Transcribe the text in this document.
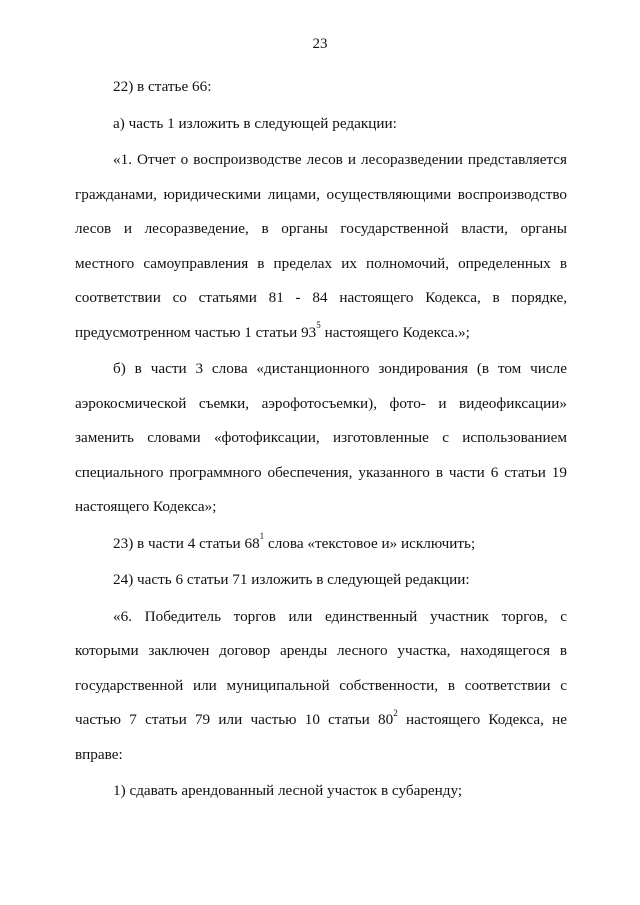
23

22) в статье 66:

а) часть 1 изложить в следующей редакции:

«1. Отчет о воспроизводстве лесов и лесоразведении представляется гражданами, юридическими лицами, осуществляющими воспроизводство лесов и лесоразведение, в органы государственной власти, органы местного самоуправления в пределах их полномочий, определенных в соответствии со статьями 81 - 84 настоящего Кодекса, в порядке, предусмотренном частью 1 статьи $93^5$ настоящего Кодекса.»;

б) в части 3 слова «дистанционного зондирования (в том числе аэрокосмической съемки, аэрофотосъемки), фото- и видеофиксации» заменить словами «фотофиксации, изготовленные с использованием специального программного обеспечения, указанного в части 6 статьи 19 настоящего Кодекса»;

23) в части 4 статьи $68^1$ слова «текстовое и» исключить;

24) часть 6 статьи 71 изложить в следующей редакции:

«6. Победитель торгов или единственный участник торгов, с которыми заключен договор аренды лесного участка, находящегося в государственной или муниципальной собственности, в соответствии с частью 7 статьи 79 или частью 10 статьи $80^2$ настоящего Кодекса, не вправе:

1) сдавать арендованный лесной участок в субаренду;
